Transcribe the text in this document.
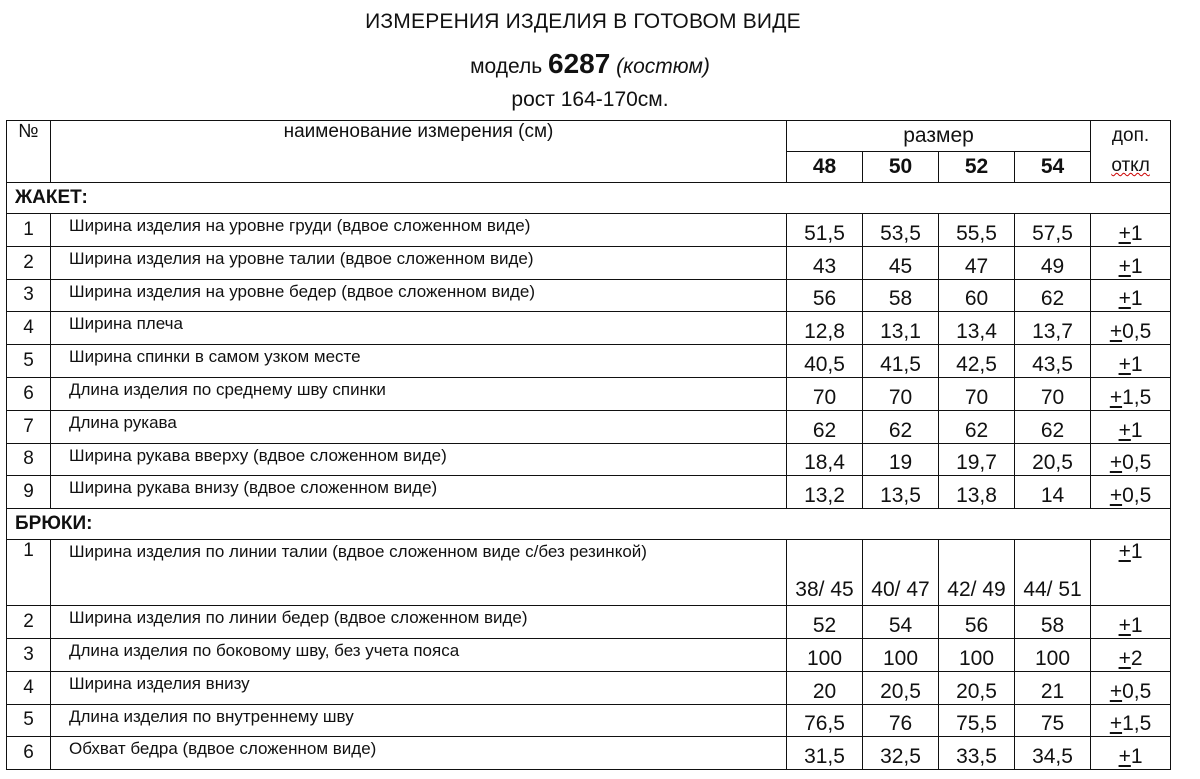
ИЗМЕРЕНИЯ ИЗДЕЛИЯ В ГОТОВОМ ВИДЕ
модель 6287 (костюм)
рост 164-170см.
№	наименование измерения (см)	размер				доп.
откл

		48	50	52	54	
ЖАКЕТ:						
1	Ширина изделия на уровне груди (вдвое сложенном виде)	51,5	53,5	55,5	57,5	+1
2	Ширина изделия на уровне талии (вдвое сложенном виде)	43	45	47	49	+1
3	Ширина изделия на уровне бедер (вдвое сложенном виде)	56	58	60	62	+1
4	Ширина плеча	12,8	13,1	13,4	13,7	+0,5
5	Ширина спинки в самом узком месте	40,5	41,5	42,5	43,5	+1
6	Длина изделия по среднему шву спинки	70	70	70	70	+1,5
7	Длина рукава	62	62	62	62	+1
8	Ширина рукава вверху (вдвое сложенном виде)	18,4	19	19,7	20,5	+0,5
9	Ширина рукава внизу (вдвое сложенном виде)	13,2	13,5	13,8	14	+0,5
БРЮКИ:						
1	Ширина изделия по линии талии (вдвое сложенном виде с/без резинкой)	38/ 45	40/ 47	42/ 49	44/ 51	+1
2	Ширина изделия по линии бедер (вдвое сложенном виде)	52	54	56	58	+1
3	Длина изделия по боковому шву, без учета пояса	100	100	100	100	+2
4	Ширина изделия внизу	20	20,5	20,5	21	+0,5
5	Длина изделия по внутреннему шву	76,5	76	75,5	75	+1,5
6	Обхват бедра (вдвое сложенном виде)	31,5	32,5	33,5	34,5	+1
